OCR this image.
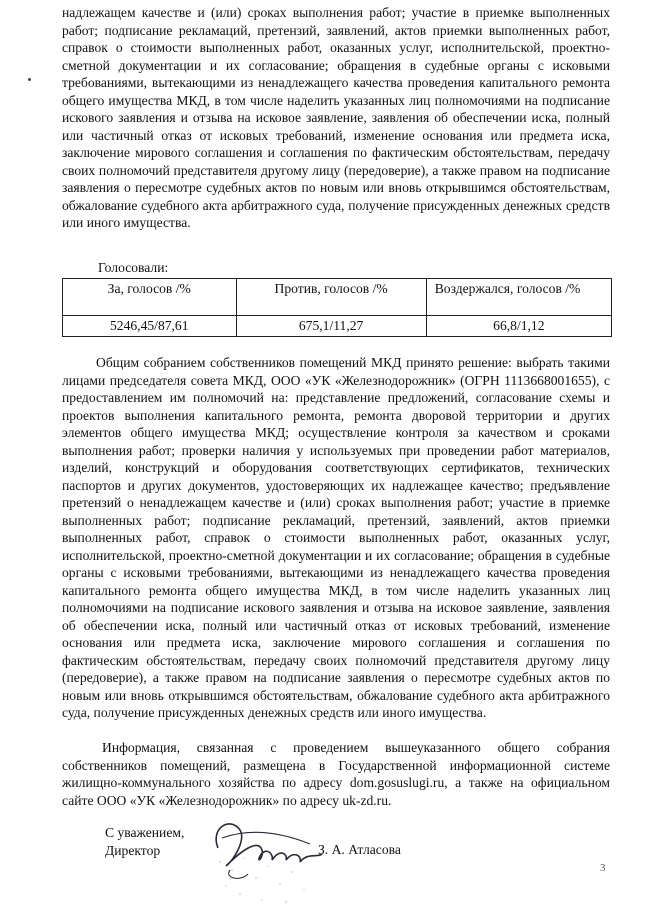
надлежащем качестве и (или) сроках выполнения работ; участие в приемке выполненных работ; подписание рекламаций, претензий, заявлений, актов приемки выполненных работ, справок о стоимости выполненных работ, оказанных услуг, исполнительской, проектно-сметной документации и их согласование; обращения в судебные органы с исковыми требованиями, вытекающими из ненадлежащего качества проведения капитального ремонта общего имущества МКД, в том числе наделить указанных лиц полномочиями на подписание искового заявления и отзыва на исковое заявление, заявления об обеспечении иска, полный или частичный отказ от исковых требований, изменение основания или предмета иска, заключение мирового соглашения и соглашения по фактическим обстоятельствам, передачу своих полномочий представителя другому лицу (передоверие), а также правом на подписание заявления о пересмотре судебных актов по новым или вновь открывшимся обстоятельствам, обжалование судебного акта арбитражного суда, получение присужденных денежных средств или иного имущества.

Голосовали:
За, голосов /%	Против, голосов /%	Воздержался, голосов /%
5246,45/87,61	675,1/11,27	66,8/1,12

Общим собранием собственников помещений МКД принято решение: выбрать такими лицами председателя совета МКД, ООО «УК «Железнодорожник» (ОГРН 1113668001655), с предоставлением им полномочий на: представление предложений, согласование схемы и проектов выполнения капитального ремонта, ремонта дворовой территории и других элементов общего имущества МКД; осуществление контроля за качеством и сроками выполнения работ; проверки наличия у используемых при проведении работ материалов, изделий, конструкций и оборудования соответствующих сертификатов, технических паспортов и других документов, удостоверяющих их надлежащее качество; предъявление претензий о ненадлежащем качестве и (или) сроках выполнения работ; участие в приемке выполненных работ; подписание рекламаций, претензий, заявлений, актов приемки выполненных работ, справок о стоимости выполненных работ, оказанных услуг, исполнительской, проектно-сметной документации и их согласование; обращения в судебные органы с исковыми требованиями, вытекающими из ненадлежащего качества проведения капитального ремонта общего имущества МКД, в том числе наделить указанных лиц полномочиями на подписание искового заявления и отзыва на исковое заявление, заявления об обеспечении иска, полный или частичный отказ от исковых требований, изменение основания или предмета иска, заключение мирового соглашения и соглашения по фактическим обстоятельствам, передачу своих полномочий представителя другому лицу (передоверие), а также правом на подписание заявления о пересмотре судебных актов по новым или вновь открывшимся обстоятельствам, обжалование судебного акта арбитражного суда, получение присужденных денежных средств или иного имущества.

Информация, связанная с проведением вышеуказанного общего собрания собственников помещений, размещена в Государственной информационной системе жилищно-коммунального хозяйства по адресу dom.gosuslugi.ru, а также на официальном сайте ООО «УК «Железнодорожник» по адресу uk-zd.ru.

С уважением,
Директор	З. А. Атласова
3
